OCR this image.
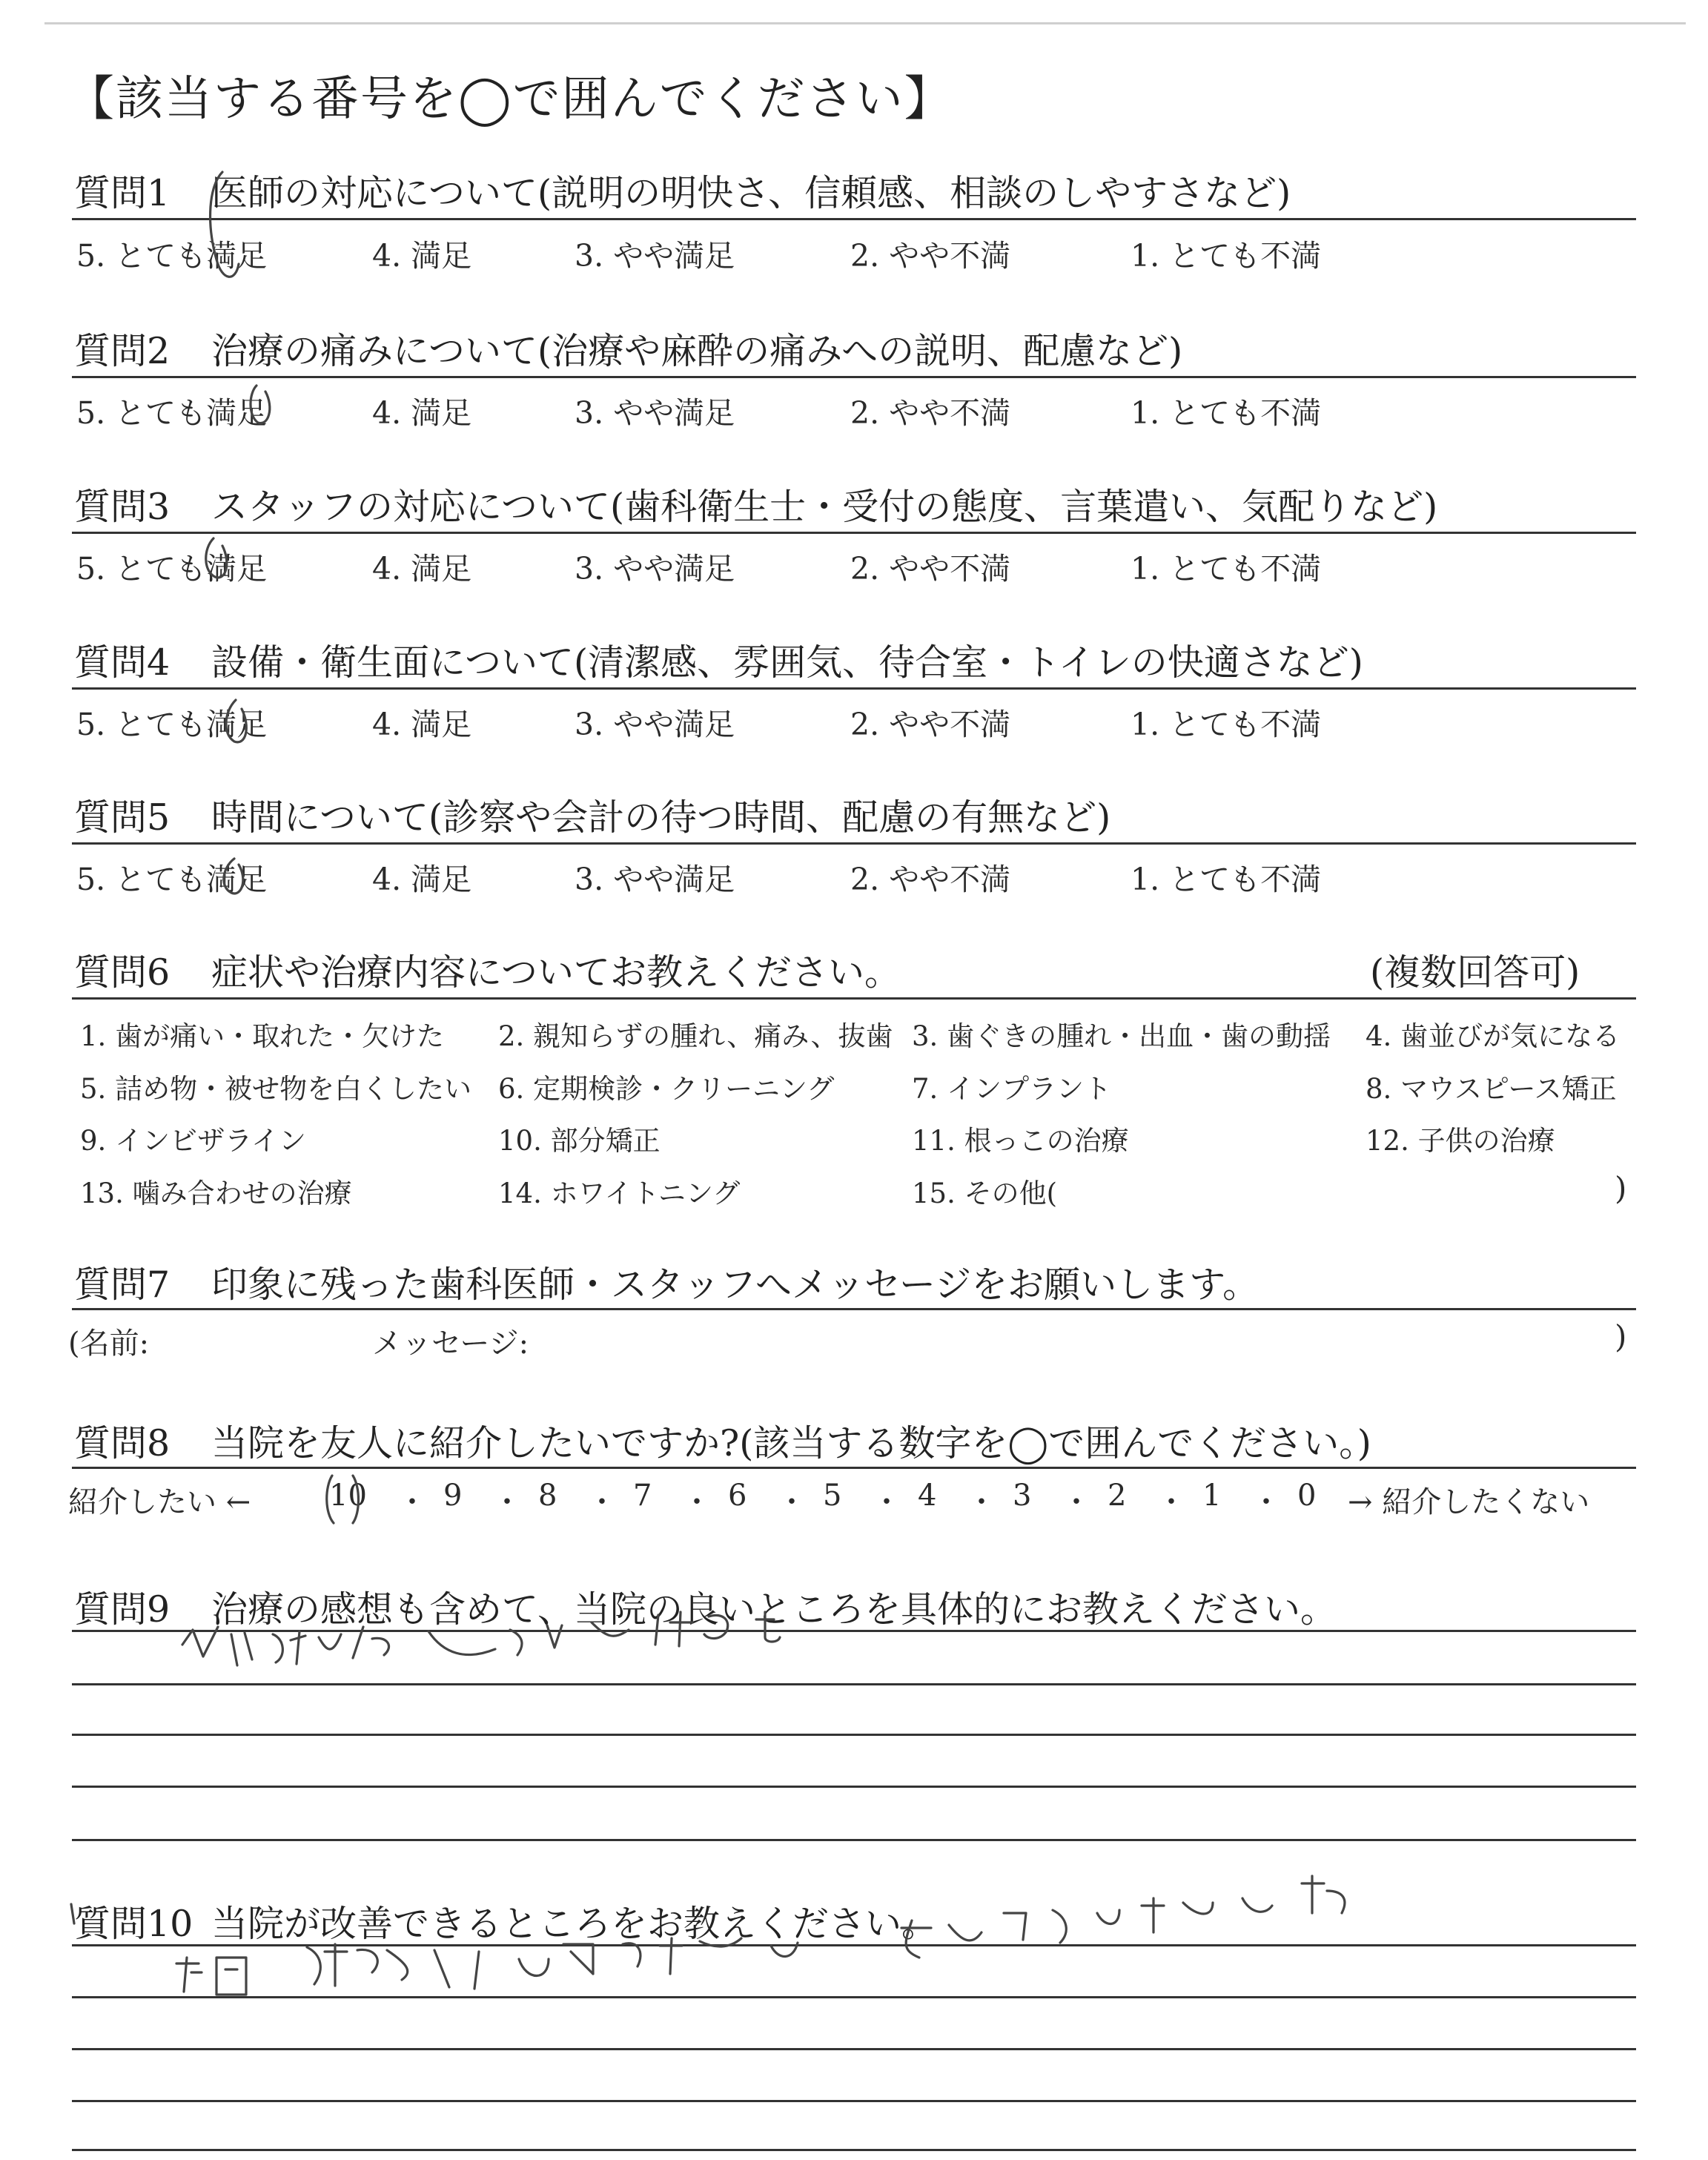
【該当する番号を◯で囲んでください】
質問1 医師の対応について(説明の明快さ、信頼感、相談のしやすさなど)
5. とても満足	4. 満足	3. やや満足	2. やや不満	1. とても不満
質問2 治療の痛みについて(治療や麻酔の痛みへの説明、配慮など)
5. とても満足	4. 満足	3. やや満足	2. やや不満	1. とても不満
質問3 スタッフの対応について(歯科衛生士・受付の態度、言葉遣い、気配りなど)
5. とても満足	4. 満足	3. やや満足	2. やや不満	1. とても不満
質問4 設備・衛生面について(清潔感、雰囲気、待合室・トイレの快適さなど)
5. とても満足	4. 満足	3. やや満足	2. やや不満	1. とても不満
質問5 時間について(診察や会計の待つ時間、配慮の有無など)
5. とても満足	4. 満足	3. やや満足	2. やや不満	1. とても不満
質問6 症状や治療内容についてお教えください。	(複数回答可)
1. 歯が痛い・取れた・欠けた 2. 親知らずの腫れ、痛み、抜歯 3. 歯ぐきの腫れ・出血・歯の動揺 4. 歯並びが気になる
5. 詰め物・被せ物を白くしたい 6. 定期検診・クリーニング	7. インプラント	8. マウスピース矯正
9. インビザライン	10. 部分矯正	11. 根っこの治療	12. 子供の治療
13. 噛み合わせの治療	14. ホワイトニング	15. その他(	)
質問7 印象に残った歯科医師・スタッフへメッセージをお願いします。
(名前:	メッセージ:	)
質問8 当院を友人に紹介したいですか?(該当する数字を◯で囲んでください。)
紹介したい ←	10 ・ 9 ・ 8 ・ 7 ・ 6 ・ 5 ・ 4 ・ 3 ・ 2 ・ 1 ・ 0 → 紹介したくない
質問9 治療の感想も含めて、当院の良いところを具体的にお教えください。
質問10 当院が改善できるところをお教えください。
